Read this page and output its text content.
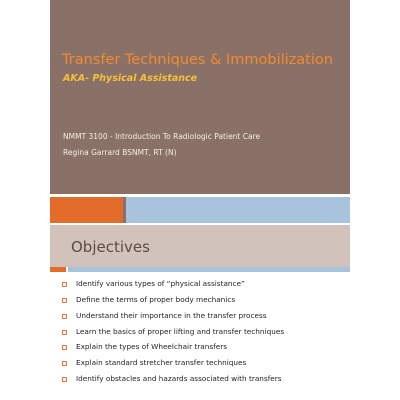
Transfer Techniques & Immobilization
AKA- Physical Assistance
NMMT 3100 - Introduction To Radiologic Patient Care
Regina Garrard BSNMT, RT (N)
Objectives
Identify various types of “physical assistance”
Define the terms of proper body mechanics
Understand their importance in the transfer process
Learn the basics of proper lifting and transfer techniques
Explain the types of Wheelchair transfers
Explain standard stretcher transfer techniques
Identify obstacles and hazards associated with transfers
